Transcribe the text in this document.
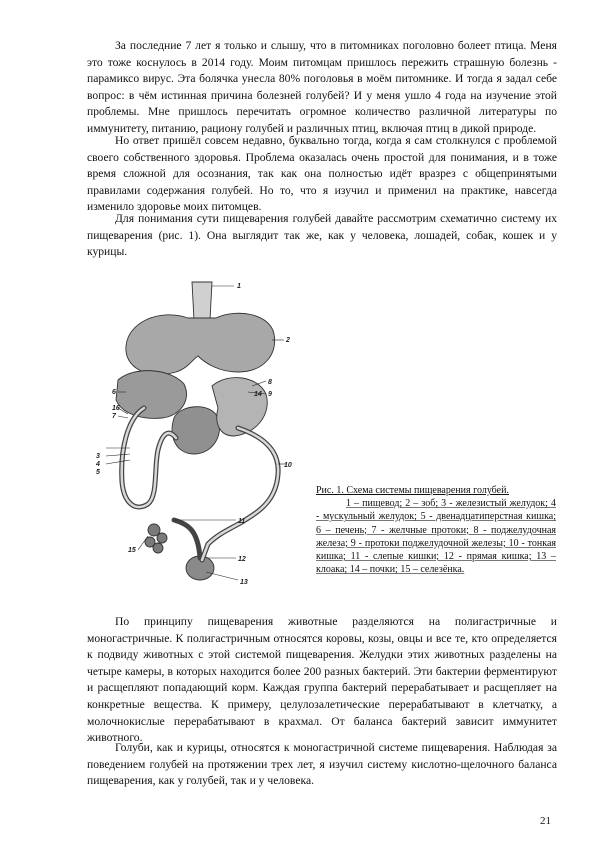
За последние 7 лет я только и слышу, что в питомниках поголовно болеет птица. Меня это тоже коснулось в 2014 году. Моим питомцам пришлось пережить страшную болезнь - парамиксо вирус. Эта болячка унесла 80% поголовья в моём питомнике. И тогда я задал себе вопрос: в чём истинная причина болезней голубей? И у меня ушло 4 года на изучение этой проблемы. Мне пришлось перечитать огромное количество различной литературы по иммунитету, питанию, рациону голубей и различных птиц, включая птиц в дикой природе.

Но ответ пришёл совсем недавно, буквально тогда, когда я сам столкнулся с проблемой своего собственного здоровья. Проблема оказалась очень простой для понимания, и в тоже время сложной для осознания, так как она полностью идёт вразрез с общепринятыми правилами содержания голубей. Но то, что я изучил и применил на практике, навсегда изменило здоровье моих питомцев.

Для понимания сути пищеварения голубей давайте рассмотрим схематично систему их пищеварения (рис. 1). Она выглядит так же, как у человека, лошадей, собак, кошек и у курицы.

1
2
3
4
5
6
7
8
9
10
11
12
13
14
15
16

Рис. 1. Схема системы пищеварения голубей.
1 – пищевод; 2 – зоб; 3 - железистый желудок; 4 - мускульный желудок; 5 - двенадцатиперстная кишка; 6 – печень; 7 - желчные протоки; 8 - поджелудочная железа; 9 - протоки поджелудочной железы; 10 - тонкая кишка; 11 - слепые кишки; 12 - прямая кишка; 13 – клоака; 14 – почки; 15 – селезёнка.

По принципу пищеварения животные разделяются на полигастричные и моногастричные. К полигастричным относятся коровы, козы, овцы и все те, кто определяется к подвиду животных с этой системой пищеварения. Желудки этих животных разделены на четыре камеры, в которых находится более 200 разных бактерий. Эти бактерии ферментируют и расщепляют попадающий корм. Каждая группа бактерий перерабатывает и расщепляет на конкретные вещества. К примеру, целулозалетические перерабатывают в клетчатку, а молочнокислые перерабатывают в крахмал. От баланса бактерий зависит иммунитет животного.

Голуби, как и курицы, относятся к моногастричной системе пищеварения. Наблюдая за поведением голубей на протяжении трех лет, я изучил систему кислотно-щелочного баланса пищеварения, как у голубей, так и у человека.

21
